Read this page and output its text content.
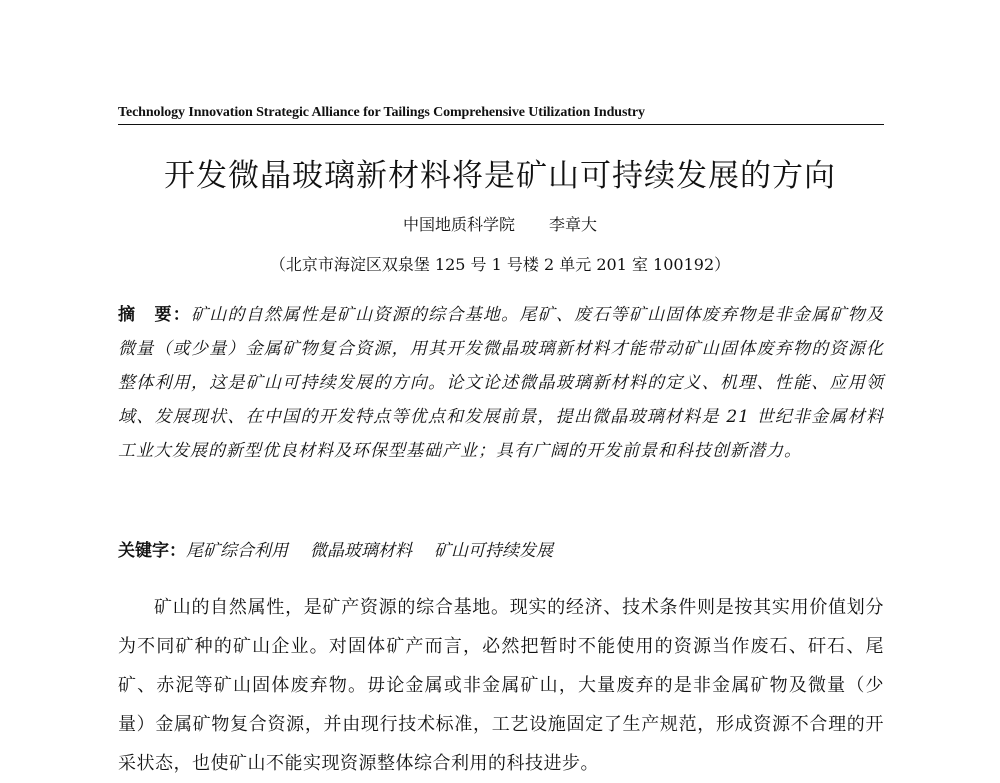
Technology Innovation Strategic Alliance for Tailings Comprehensive Utilization Industry
开发微晶玻璃新材料将是矿山可持续发展的方向
中国地质科学院 李章大
（北京市海淀区双泉堡 125 号 1 号楼 2 单元 201 室 100192）
摘　要：矿山的自然属性是矿山资源的综合基地。尾矿、废石等矿山固体废弃物是非金属矿物及微量（或少量）金属矿物复合资源，用其开发微晶玻璃新材料才能带动矿山固体废弃物的资源化整体利用，这是矿山可持续发展的方向。论文论述微晶玻璃新材料的定义、机理、性能、应用领域、发展现状、在中国的开发特点等优点和发展前景，提出微晶玻璃材料是 21 世纪非金属材料工业大发展的新型优良材料及环保型基础产业；具有广阔的开发前景和科技创新潜力。
关键字：尾矿综合利用 微晶玻璃材料 矿山可持续发展
矿山的自然属性，是矿产资源的综合基地。现实的经济、技术条件则是按其实用价值划分为不同矿种的矿山企业。对固体矿产而言，必然把暂时不能使用的资源当作废石、矸石、尾矿、赤泥等矿山固体废弃物。毋论金属或非金属矿山，大量废弃的是非金属矿物及微量（少量）金属矿物复合资源，并由现行技术标准，工艺设施固定了生产规范，形成资源不合理的开采状态，也使矿山不能实现资源整体综合利用的科技进步。
